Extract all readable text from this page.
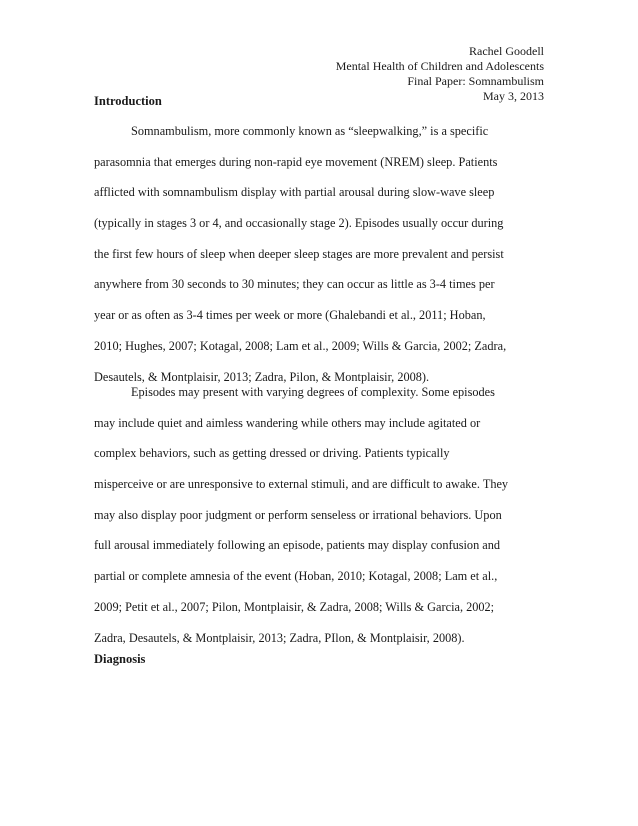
Rachel Goodell
Mental Health of Children and Adolescents
Final Paper: Somnambulism
May 3, 2013
Introduction
Somnambulism, more commonly known as “sleepwalking,” is a specific
parasomnia that emerges during non-rapid eye movement (NREM) sleep. Patients
afflicted with somnambulism display with partial arousal during slow-wave sleep
(typically in stages 3 or 4, and occasionally stage 2). Episodes usually occur during
the first few hours of sleep when deeper sleep stages are more prevalent and persist
anywhere from 30 seconds to 30 minutes; they can occur as little as 3-4 times per
year or as often as 3-4 times per week or more (Ghalebandi et al., 2011; Hoban,
2010; Hughes, 2007; Kotagal, 2008; Lam et al., 2009; Wills & Garcia, 2002; Zadra,
Desautels, & Montplaisir, 2013; Zadra, Pilon, & Montplaisir, 2008).
Episodes may present with varying degrees of complexity. Some episodes
may include quiet and aimless wandering while others may include agitated or
complex behaviors, such as getting dressed or driving. Patients typically
misperceive or are unresponsive to external stimuli, and are difficult to awake. They
may also display poor judgment or perform senseless or irrational behaviors. Upon
full arousal immediately following an episode, patients may display confusion and
partial or complete amnesia of the event (Hoban, 2010; Kotagal, 2008; Lam et al.,
2009; Petit et al., 2007; Pilon, Montplaisir, & Zadra, 2008; Wills & Garcia, 2002;
Zadra, Desautels, & Montplaisir, 2013; Zadra, PIlon, & Montplaisir, 2008).
Diagnosis
